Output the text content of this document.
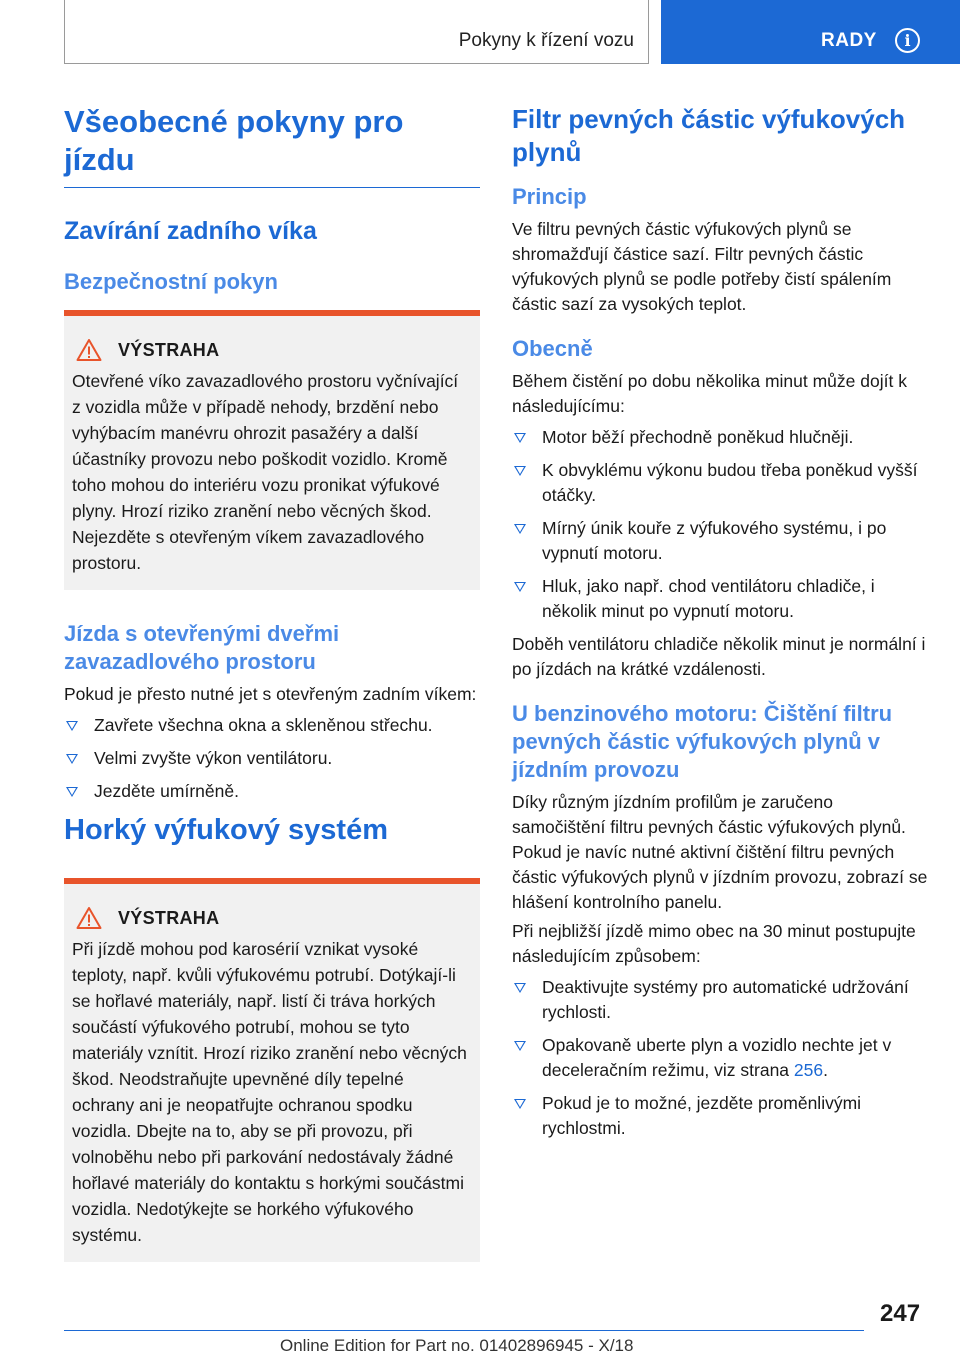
Pokyny k řízení vozu	RADY	i
Všeobecné pokyny pro jízdu
Zavírání zadního víka
Bezpečnostní pokyn
VÝSTRAHA
Otevřené víko zavazadlového prostoru vyčnívající z vozidla může v případě nehody, brzdění nebo vyhýbacím manévru ohrozit pasažéry a další účastníky provozu nebo poškodit vozidlo. Kromě toho mohou do interiéru vozu pronikat výfukové plyny. Hrozí riziko zranění nebo věcných škod. Nejezděte s otevřeným víkem zavazadlového prostoru.
Jízda s otevřenými dveřmi zavazadlového prostoru

Pokud je přesto nutné jet s otevřeným zadním víkem:

Zavřete všechna okna a skleněnou střechu.
Velmi zvyšte výkon ventilátoru.
Jezděte umírněně.
Horký výfukový systém
VÝSTRAHA
Při jízdě mohou pod karosérií vznikat vysoké teploty, např. kvůli výfukovému potrubí. Dotýkají-li se hořlavé materiály, např. listí či tráva horkých součástí výfukového potrubí, mohou se tyto materiály vznítit. Hrozí riziko zranění nebo věcných škod. Neodstraňujte upevněné díly tepelné ochrany ani je neopatřujte ochranou spodku vozidla. Dbejte na to, aby se při provozu, při volnoběhu nebo při parkování nedostávaly žádné hořlavé materiály do kontaktu s horkými součástmi vozidla. Nedotýkejte se horkého výfukového systému.
Filtr pevných částic výfukových plynů
Princip

Ve filtru pevných částic výfukových plynů se shromažďují částice sazí. Filtr pevných částic výfukových plynů se podle potřeby čistí spálením částic sazí za vysokých teplot.

Obecně

Během čistění po dobu několika minut může dojít k následujícímu:

Motor běží přechodně poněkud hlučněji.
K obvyklému výkonu budou třeba poněkud vyšší otáčky.
Mírný únik kouře z výfukového systému, i po vypnutí motoru.
Hluk, jako např. chod ventilátoru chladiče, i několik minut po vypnutí motoru.

Doběh ventilátoru chladiče několik minut je normální i po jízdách na krátké vzdálenosti.

U benzinového motoru: Čištění filtru pevných částic výfukových plynů v jízdním provozu

Díky různým jízdním profilům je zaručeno samočištění filtru pevných částic výfukových plynů. Pokud je navíc nutné aktivní čištění filtru pevných částic výfukových plynů v jízdním provozu, zobrazí se hlášení kontrolního panelu.

Při nejbližší jízdě mimo obec na 30 minut postupujte následujícím způsobem:

Deaktivujte systémy pro automatické udržování rychlosti.
Opakovaně uberte plyn a vozidlo nechte jet v deceleračním režimu, viz strana 256.
Pokud je to možné, jezděte proměnlivými rychlostmi.
247
Online Edition for Part no. 01402896945 - X/18
